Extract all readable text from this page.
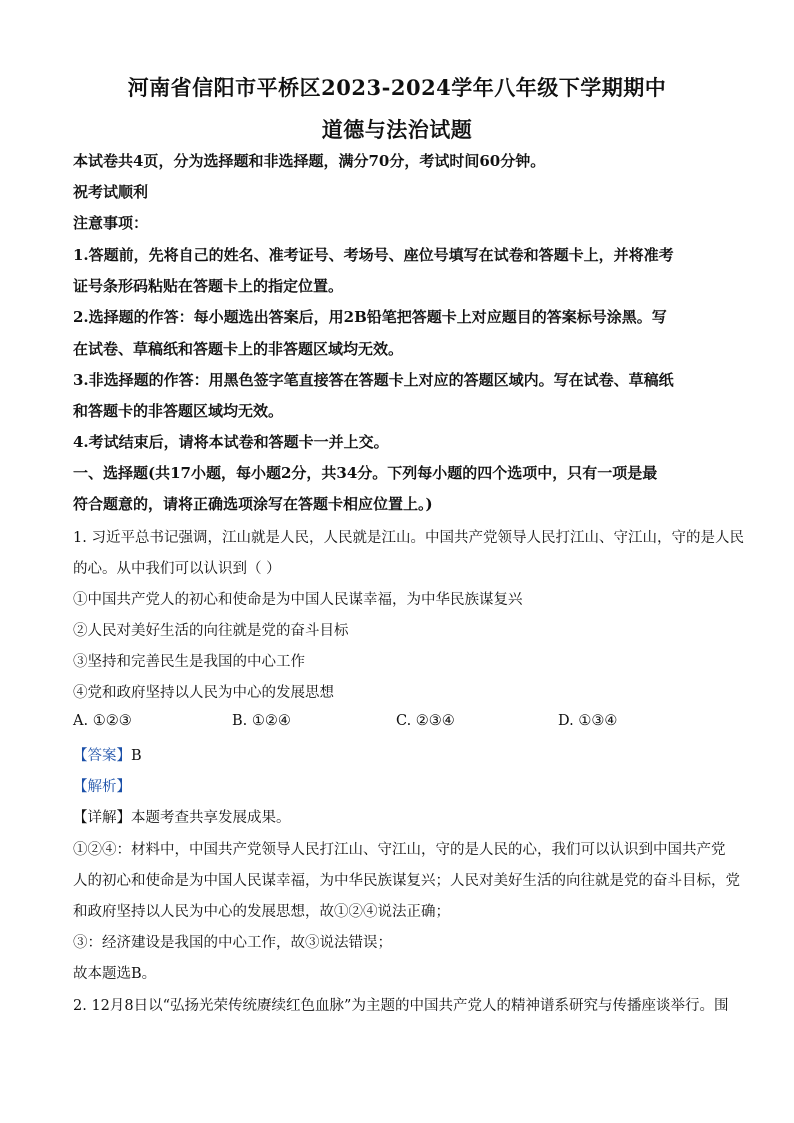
河南省信阳市平桥区2023-2024学年八年级下学期期中
道德与法治试题
本试卷共4页，分为选择题和非选择题，满分70分，考试时间60分钟。
祝考试顺利
注意事项：
1.答题前，先将自己的姓名、准考证号、考场号、座位号填写在试卷和答题卡上，并将准考
证号条形码粘贴在答题卡上的指定位置。
2.选择题的作答：每小题选出答案后，用2B铅笔把答题卡上对应题目的答案标号涂黑。写
在试卷、草稿纸和答题卡上的非答题区域均无效。
3.非选择题的作答：用黑色签字笔直接答在答题卡上对应的答题区域内。写在试卷、草稿纸
和答题卡的非答题区域均无效。
4.考试结束后，请将本试卷和答题卡一并上交。
一、选择题(共17小题，每小题2分，共34分。下列每小题的四个选项中，只有一项是最
符合题意的，请将正确选项涂写在答题卡相应位置上。)
1. 习近平总书记强调，江山就是人民，人民就是江山。中国共产党领导人民打江山、守江山，守的是人民
的心。从中我们可以认识到（ ）
①中国共产党人的初心和使命是为中国人民谋幸福，为中华民族谋复兴
②人民对美好生活的向往就是党的奋斗目标
③坚持和完善民生是我国的中心工作
④党和政府坚持以人民为中心的发展思想
A. ①②③	B. ①②④	C. ②③④	D. ①③④
【答案】B
【解析】
【详解】本题考查共享发展成果。
①②④：材料中，中国共产党领导人民打江山、守江山，守的是人民的心，我们可以认识到中国共产党
人的初心和使命是为中国人民谋幸福，为中华民族谋复兴；人民对美好生活的向往就是党的奋斗目标，党
和政府坚持以人民为中心的发展思想，故①②④说法正确；
③：经济建设是我国的中心工作，故③说法错误；
故本题选B。
2. 12月8日以“弘扬光荣传统赓续红色血脉”为主题的中国共产党人的精神谱系研究与传播座谈举行。围
